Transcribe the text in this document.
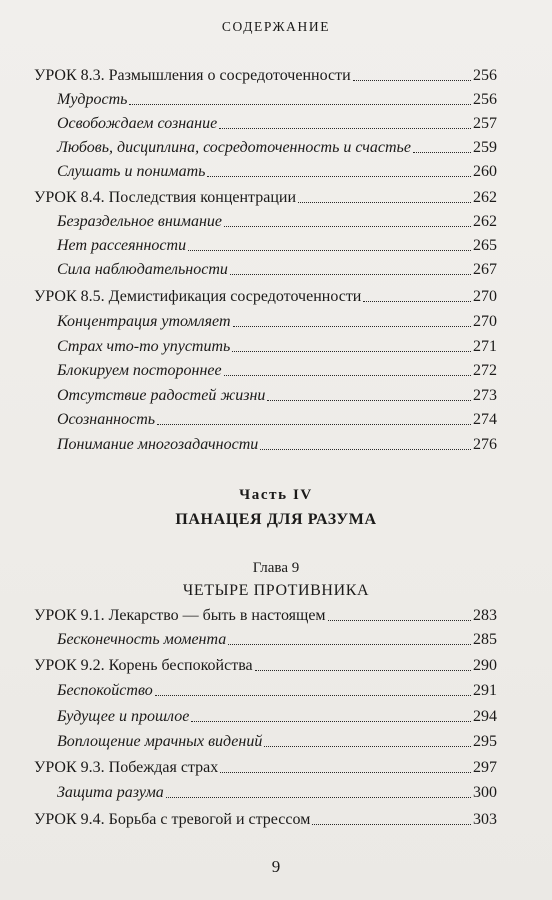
СОДЕРЖАНИЕ
УРОК 8.3. Размышления о сосредоточенности	256
Мудрость	256
Освобождаем сознание	257
Любовь, дисциплина, сосредоточенность и счастье	259
Слушать и понимать	260
УРОК 8.4. Последствия концентрации	262
Безраздельное внимание	262
Нет рассеянности	265
Сила наблюдательности	267
УРОК 8.5. Демистификация сосредоточенности	270
Концентрация утомляет	270
Страх что-то упустить	271
Блокируем постороннее	272
Отсутствие радостей жизни	273
Осознанность	274
Понимание многозадачности	276
Часть IV
ПАНАЦЕЯ ДЛЯ РАЗУМА
Глава 9
ЧЕТЫРЕ ПРОТИВНИКА
УРОК 9.1. Лекарство — быть в настоящем	283
Бесконечность момента	285
УРОК 9.2. Корень беспокойства	290
Беспокойство	291
Будущее и прошлое	294
Воплощение мрачных видений	295
УРОК 9.3. Побеждая страх	297
Защита разума	300
УРОК 9.4. Борьба с тревогой и стрессом	303
9
